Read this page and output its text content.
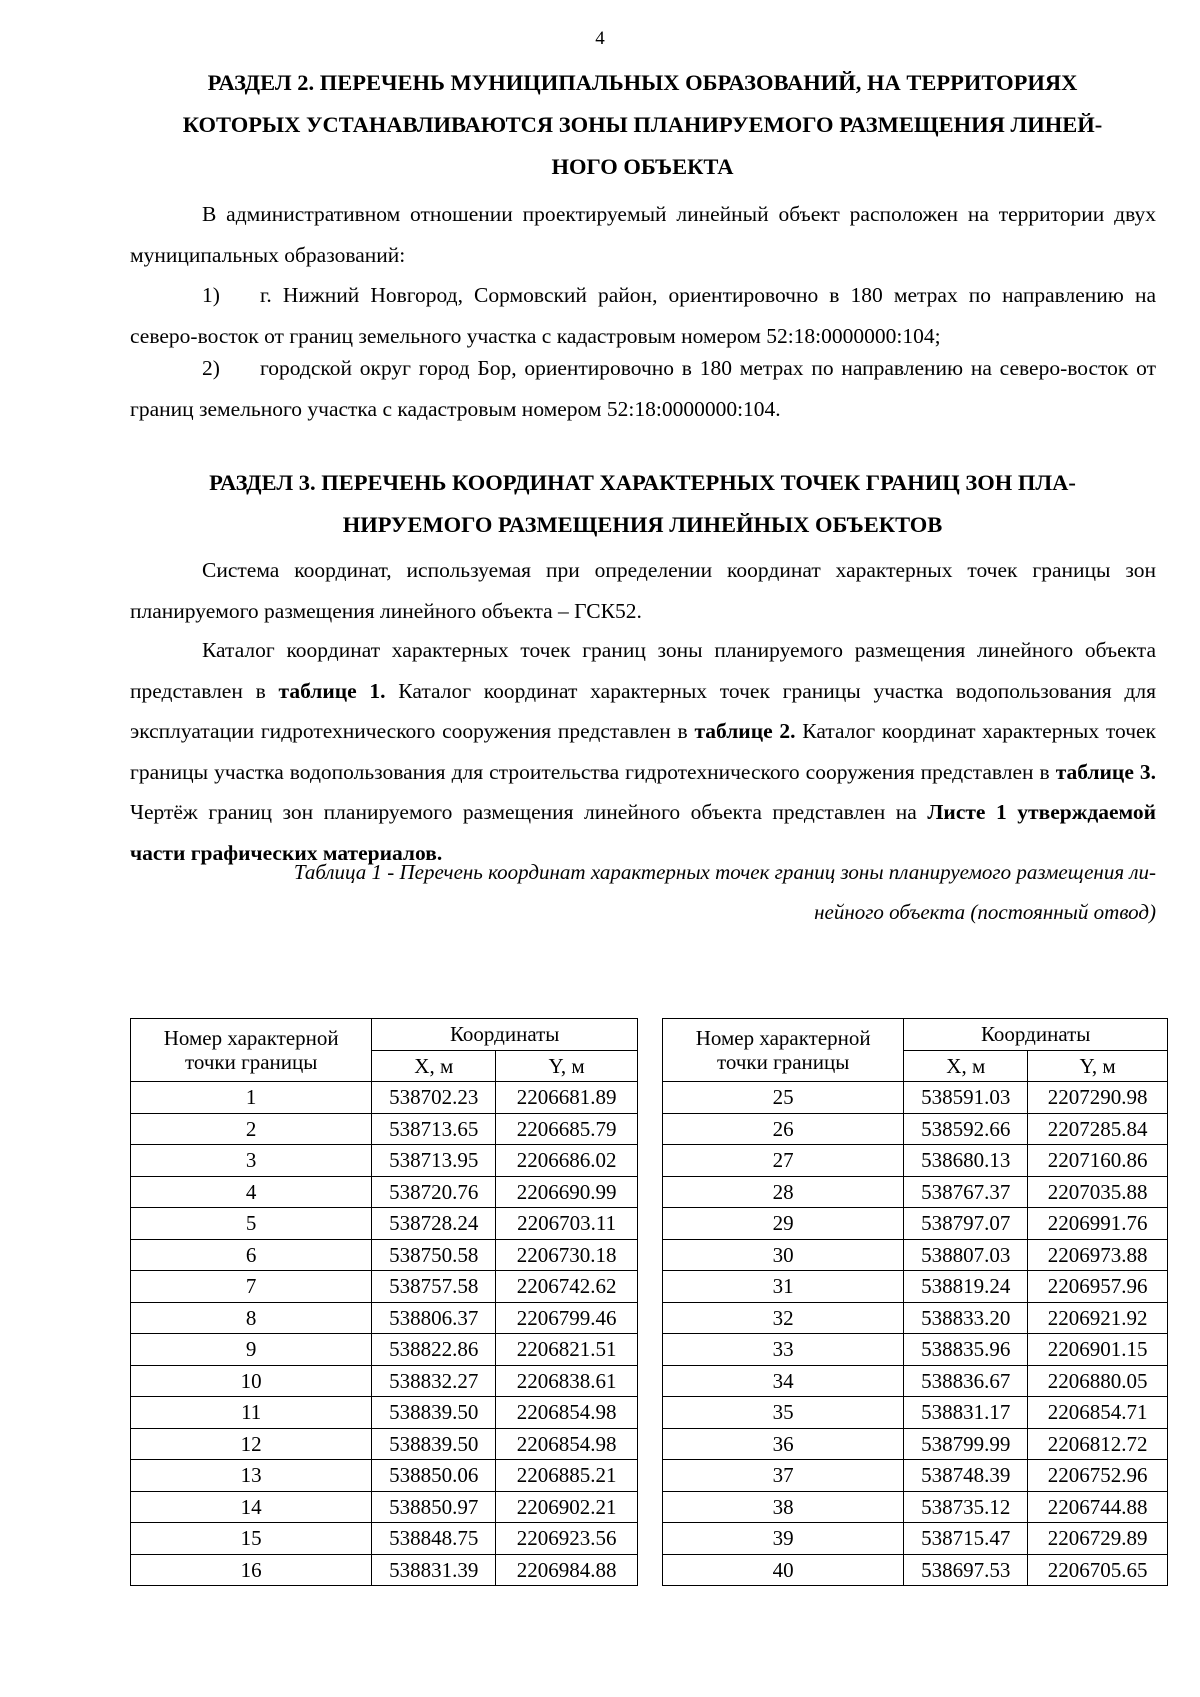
4
РАЗДЕЛ 2. ПЕРЕЧЕНЬ МУНИЦИПАЛЬНЫХ ОБРАЗОВАНИЙ, НА ТЕРРИТОРИЯХ
КОТОРЫХ УСТАНАВЛИВАЮТСЯ ЗОНЫ ПЛАНИРУЕМОГО РАЗМЕЩЕНИЯ ЛИНЕЙ-
НОГО ОБЪЕКТА

В административном отношении проектируемый линейный объект расположен на территории двух муниципальных образований:

1) г. Нижний Новгород, Сормовский район, ориентировочно в 180 метрах по направлению на северо-восток от границ земельного участка с кадастровым номером 52:18:0000000:104;
2) городской округ город Бор, ориентировочно в 180 метрах по направлению на северо-восток от границ земельного участка с кадастровым номером 52:18:0000000:104.
РАЗДЕЛ 3. ПЕРЕЧЕНЬ КООРДИНАТ ХАРАКТЕРНЫХ ТОЧЕК ГРАНИЦ ЗОН ПЛА-
НИРУЕМОГО РАЗМЕЩЕНИЯ ЛИНЕЙНЫХ ОБЪЕКТОВ

Система координат, используемая при определении координат характерных точек границы зон планируемого размещения линейного объекта – ГСК52.

Каталог координат характерных точек границ зоны планируемого размещения линейного объекта представлен в таблице 1. Каталог координат характерных точек границы участка водопользования для эксплуатации гидротехнического сооружения представлен в таблице 2. Каталог координат характерных точек границы участка водопользования для строительства гидротехнического сооружения представлен в таблице 3. Чертёж границ зон планируемого размещения линейного объекта представлен на Листе 1 утверждаемой части графических материалов.

Таблица 1 - Перечень координат характерных точек границ зоны планируемого размещения ли-
нейного объекта (постоянный отвод)
Номер характерной
точки границы	Координаты	
	X, м	Y, м
1	538702.23	2206681.89
2	538713.65	2206685.79
3	538713.95	2206686.02
4	538720.76	2206690.99
5	538728.24	2206703.11
6	538750.58	2206730.18
7	538757.58	2206742.62
8	538806.37	2206799.46
9	538822.86	2206821.51
10	538832.27	2206838.61
11	538839.50	2206854.98
12	538839.50	2206854.98
13	538850.06	2206885.21
14	538850.97	2206902.21
15	538848.75	2206923.56
16	538831.39	2206984.88
Номер характерной
точки границы	Координаты	
	X, м	Y, м
25	538591.03	2207290.98
26	538592.66	2207285.84
27	538680.13	2207160.86
28	538767.37	2207035.88
29	538797.07	2206991.76
30	538807.03	2206973.88
31	538819.24	2206957.96
32	538833.20	2206921.92
33	538835.96	2206901.15
34	538836.67	2206880.05
35	538831.17	2206854.71
36	538799.99	2206812.72
37	538748.39	2206752.96
38	538735.12	2206744.88
39	538715.47	2206729.89
40	538697.53	2206705.65
